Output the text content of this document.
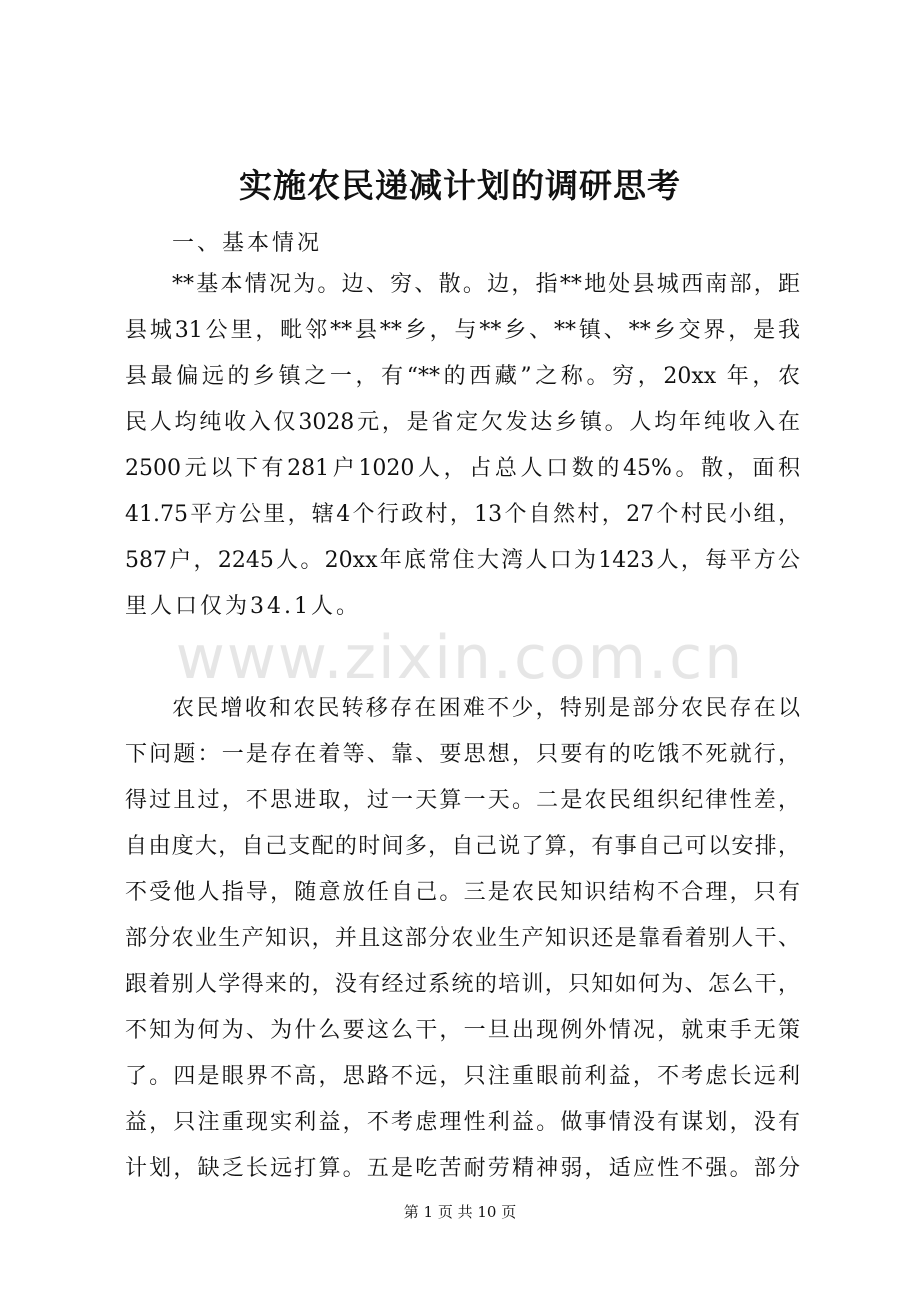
实施农民递减计划的调研思考
一、基本情况
**基本情况为。边、穷、散。边，指**地处县城西南部，距
县城31公里，毗邻**县**乡，与**乡、**镇、**乡交界，是我
县最偏远的乡镇之一，有“**的西藏”之称。穷，20xx 年，农
民人均纯收入仅3028元，是省定欠发达乡镇。人均年纯收入在
2500元以下有281户1020人，占总人口数的45%。散，面积
41.75平方公里，辖4个行政村，13个自然村，27个村民小组，
587户，2245人。20xx年底常住大湾人口为1423人，每平方公
里人口仅为34.1人。
www.zixin.com.cn
农民增收和农民转移存在困难不少，特别是部分农民存在以
下问题：一是存在着等、靠、要思想，只要有的吃饿不死就行，
得过且过，不思进取，过一天算一天。二是农民组织纪律性差，
自由度大，自己支配的时间多，自己说了算，有事自己可以安排，
不受他人指导，随意放任自己。三是农民知识结构不合理，只有
部分农业生产知识，并且这部分农业生产知识还是靠看着别人干、
跟着别人学得来的，没有经过系统的培训，只知如何为、怎么干，
不知为何为、为什么要这么干，一旦出现例外情况，就束手无策
了。四是眼界不高，思路不远，只注重眼前利益，不考虑长远利
益，只注重现实利益，不考虑理性利益。做事情没有谋划，没有
计划，缺乏长远打算。五是吃苦耐劳精神弱，适应性不强。部分
第 1 页 共 10 页
